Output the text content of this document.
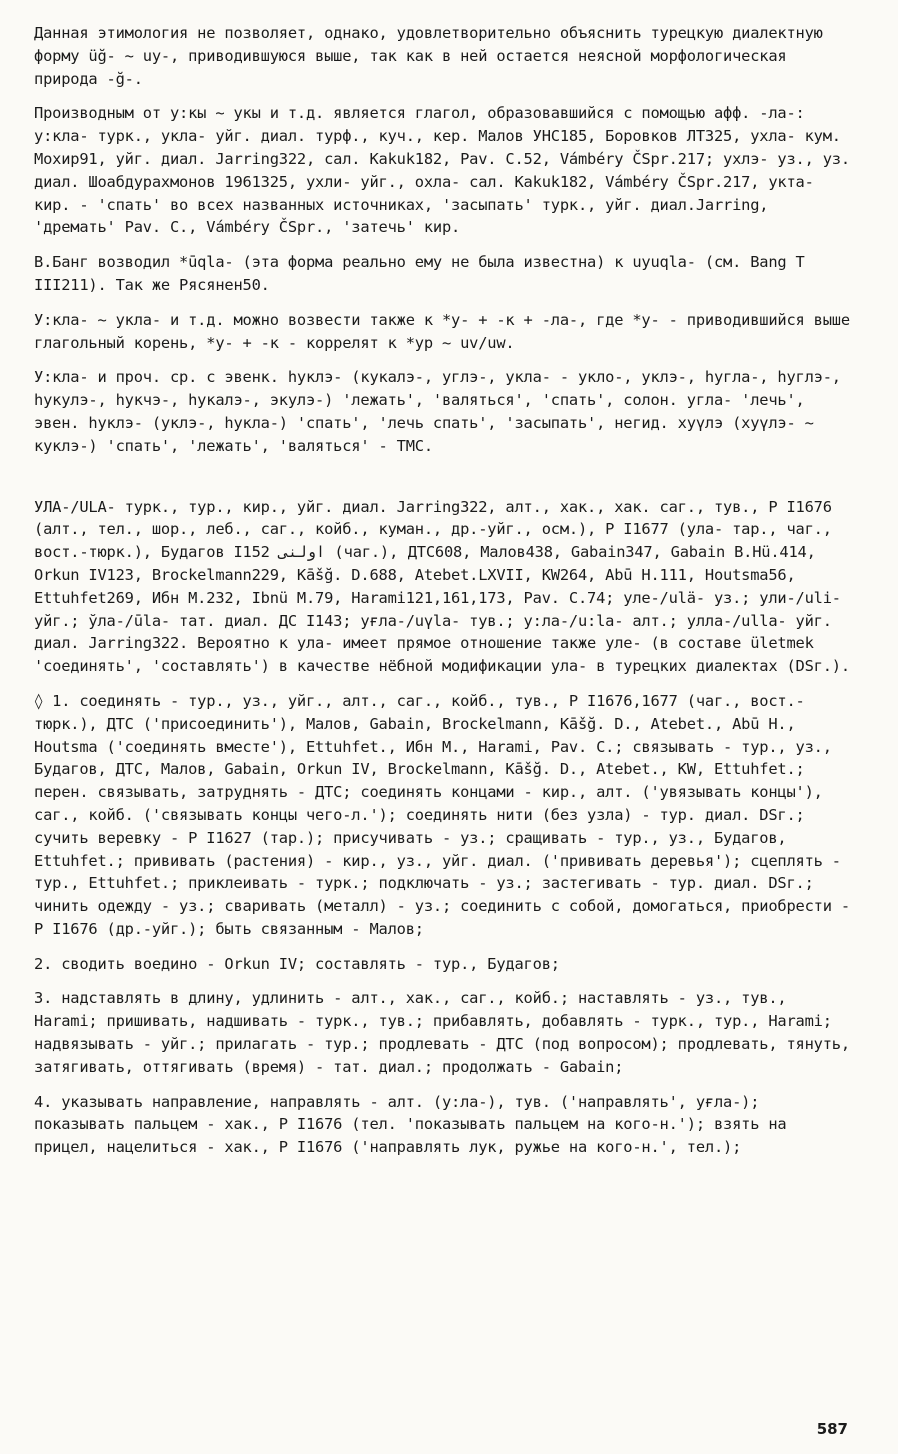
Данная этимология не позволяет, однако, удовлетворительно объяснить турецкую диалектную форму üğ- ~ uy-, приводившуюся выше, так как в ней остается неясной морфологическая природа -ğ-.

Производным от у:кы ~ укы и т.д. является глагол, образовавшийся с помощью афф. -ла-: у:кла- турк., укла- уйг. диал. турф., куч., кер. Малов УНС185, Боровков ЛТ325, ухла- кум. Мохир91, уйг. диал. Jarring322, сал. Kakuk182, Pav. C.52, Vámbéry ČSpr.217; ухлэ- уз., уз. диал. Шоабдурахмонов 1961325, ухли- уйг., охла- сал. Kakuk182, Vámbéry ČSpr.217, укта- кир. - 'спать' во всех названных источниках, 'засыпать' турк., уйг. диал.Jarring, 'дремать' Pav. C., Vámbéry ČSpr., 'затечь' кир.

В.Банг возводил *ūqla- (эта форма реально ему не была известна) к uyuqla- (см. Bang T III211). Так же Рясянен50.

У:кла- ~ укла- и т.д. можно возвести также к *у- + -к + -ла-, где *у- - приводившийся выше глагольный корень, *у- + -к - коррелят к *ур ~ uv/uw.

У:кла- и проч. ср. с эвенк. hуклэ- (кукалэ-, углэ-, укла- - укло-, уклэ-, hугла-, hуглэ-, hукулэ-, hукчэ-, hукалэ-, экулэ-) 'лежать', 'валяться', 'спать', солон. угла- 'лечь', эвен. hуклэ- (уклэ-, hукла-) 'спать', 'лечь спать', 'засыпать', негид. хуүлэ (хуүлэ- ~ куклэ-) 'спать', 'лежать', 'валяться' - ТМС.

УЛА-/ULA- турк., тур., кир., уйг. диал. Jarring322, алт., хак., хак. саг., тув., Р I1676 (алт., тел., шор., леб., саг., койб., куман., др.-уйг., осм.), Р I1677 (ула- тар., чаг., вост.-тюрк.), Будагов I152 اولنى (чаг.), ДТС608, Малов438, Gabain347, Gabain B.Hü.414, Orkun IV123, Brockelmann229, Kāšğ. D.688, Atebet.LXVII, KW264, Abū H.111, Houtsma56, Ettuhfet269, Ибн М.232, Ibnü M.79, Harami121,161,173, Pav. C.74; уле-/ulä- уз.; ули-/uli- уйг.; ўла-/ūla- тат. диал. ДС I143; уғла-/uүla- тув.; у:ла-/u:la- алт.; улла-/ulla- уйг. диал. Jarring322. Вероятно к ула- имеет прямое отношение также уле- (в составе ületmek 'соединять', 'составлять') в качестве нёбной модификации ула- в турецких диалектах (DSг.).

◊ 1. соединять - тур., уз., уйг., алт., саг., койб., тув., Р I1676,1677 (чаг., вост.-тюрк.), ДТС ('присоединить'), Малов, Gabain, Brockelmann, Kāšğ. D., Atebet., Abū H., Houtsma ('соединять вместе'), Ettuhfet., Ибн М., Harami, Pav. C.; связывать - тур., уз., Будагов, ДТС, Малов, Gabain, Orkun IV, Brockelmann, Kāšğ. D., Atebet., KW, Ettuhfet.; перен. связывать, затруднять - ДТС; соединять концами - кир., алт. ('увязывать концы'), саг., койб. ('связывать концы чего-л.'); соединять нити (без узла) - тур. диал. DSг.; сучить веревку - Р I1627 (тар.); присучивать - уз.; сращивать - тур., уз., Будагов, Ettuhfet.; прививать (растения) - кир., уз., уйг. диал. ('прививать деревья'); сцеплять - тур., Ettuhfet.; приклеивать - турк.; подключать - уз.; застегивать - тур. диал. DSг.; чинить одежду - уз.; сваривать (металл) - уз.; соединить с собой, домогаться, приобрести - Р I1676 (др.-уйг.); быть связанным - Малов;

2. сводить воедино - Orkun IV; составлять - тур., Будагов;

3. надставлять в длину, удлинить - алт., хак., саг., койб.; наставлять - уз., тув., Harami; пришивать, надшивать - турк., тув.; прибавлять, добавлять - турк., тур., Harami; надвязывать - уйг.; прилагать - тур.; продлевать - ДТС (под вопросом); продлевать, тянуть, затягивать, оттягивать (время) - тат. диал.; продолжать - Gabain;

4. указывать направление, направлять - алт. (у:ла-), тув. ('направлять', уғла-); показывать пальцем - хак., Р I1676 (тел. 'показывать пальцем на кого-н.'); взять на прицел, нацелиться - хак., Р I1676 ('направлять лук, ружье на кого-н.', тел.);

587
